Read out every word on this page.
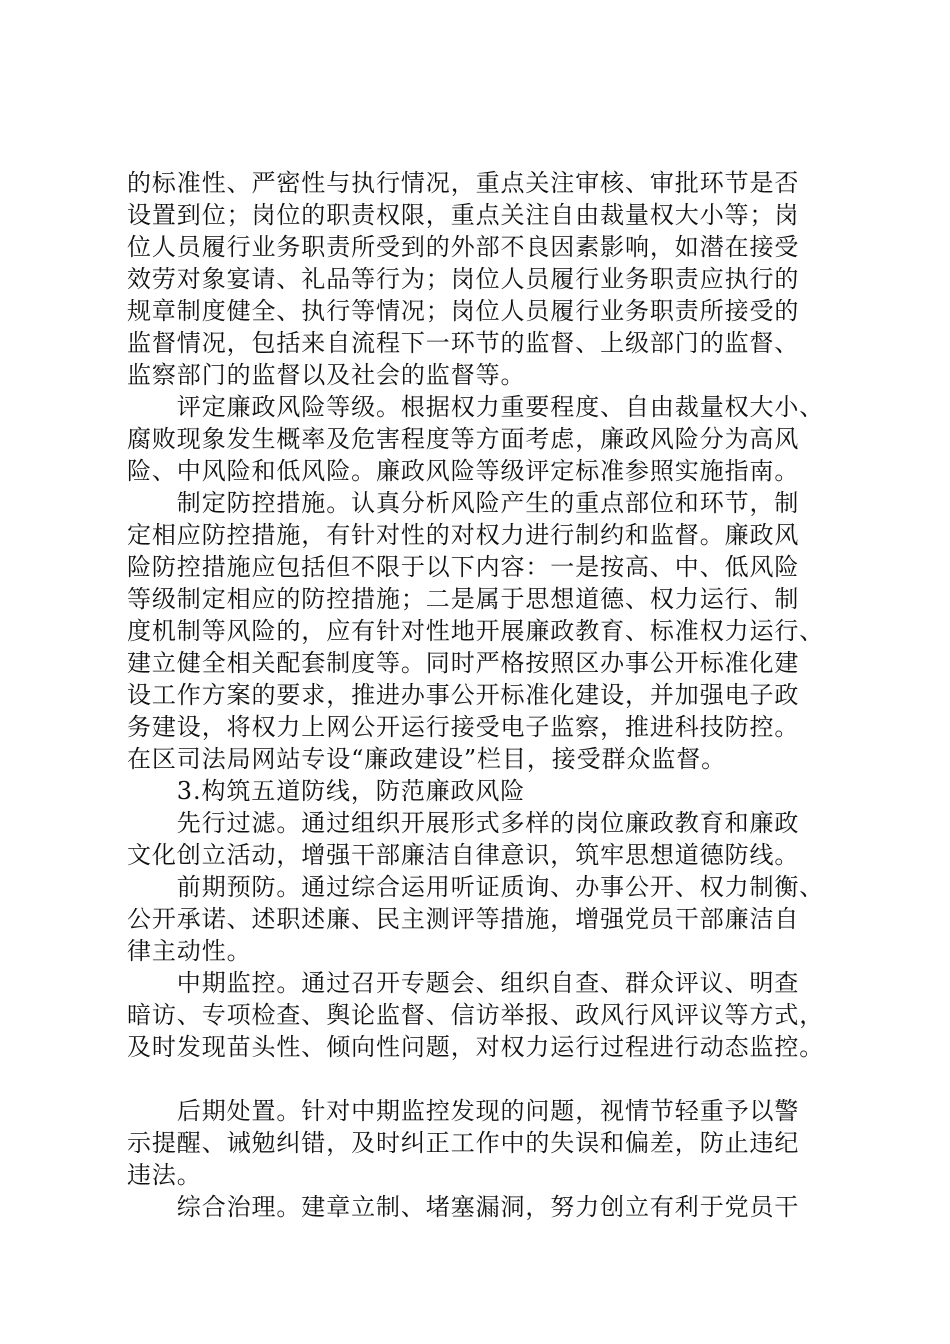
的标准性、严密性与执行情况，重点关注审核、审批环节是否
设置到位；岗位的职责权限，重点关注自由裁量权大小等；岗
位人员履行业务职责所受到的外部不良因素影响，如潜在接受
效劳对象宴请、礼品等行为；岗位人员履行业务职责应执行的
规章制度健全、执行等情况；岗位人员履行业务职责所接受的
监督情况，包括来自流程下一环节的监督、上级部门的监督、
监察部门的监督以及社会的监督等。
　　评定廉政风险等级。根据权力重要程度、自由裁量权大小、
腐败现象发生概率及危害程度等方面考虑，廉政风险分为高风
险、中风险和低风险。廉政风险等级评定标准参照实施指南。
　　制定防控措施。认真分析风险产生的重点部位和环节，制
定相应防控措施，有针对性的对权力进行制约和监督。廉政风
险防控措施应包括但不限于以下内容：一是按高、中、低风险
等级制定相应的防控措施；二是属于思想道德、权力运行、制
度机制等风险的，应有针对性地开展廉政教育、标准权力运行、
建立健全相关配套制度等。同时严格按照区办事公开标准化建
设工作方案的要求，推进办事公开标准化建设，并加强电子政
务建设，将权力上网公开运行接受电子监察，推进科技防控。
在区司法局网站专设“廉政建设”栏目，接受群众监督。
　　3.构筑五道防线，防范廉政风险
　　先行过滤。通过组织开展形式多样的岗位廉政教育和廉政
文化创立活动，增强干部廉洁自律意识，筑牢思想道德防线。
　　前期预防。通过综合运用听证质询、办事公开、权力制衡、
公开承诺、述职述廉、民主测评等措施，增强党员干部廉洁自
律主动性。
　　中期监控。通过召开专题会、组织自查、群众评议、明查
暗访、专项检查、舆论监督、信访举报、政风行风评议等方式，
及时发现苗头性、倾向性问题，对权力运行过程进行动态监控。
　　后期处置。针对中期监控发现的问题，视情节轻重予以警
示提醒、诫勉纠错，及时纠正工作中的失误和偏差，防止违纪
违法。
　　综合治理。建章立制、堵塞漏洞，努力创立有利于党员干
